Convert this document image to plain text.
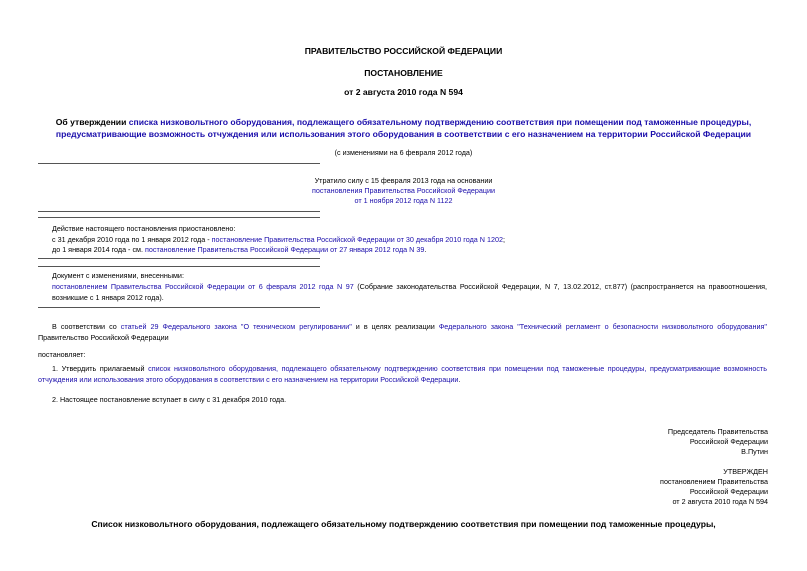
ПРАВИТЕЛЬСТВО РОССИЙСКОЙ ФЕДЕРАЦИИ
ПОСТАНОВЛЕНИЕ
от 2 августа 2010 года N 594
Об утверждении списка низковольтного оборудования, подлежащего обязательному подтверждению соответствия при помещении под таможенные процедуры,
предусматривающие возможность отчуждения или использования этого оборудования в соответствии с его назначением на территории Российской Федерации
(с изменениями на 6 февраля 2012 года)
Утратило силу с 15 февраля 2013 года на основании
постановления Правительства Российской Федерации
от 1 ноября 2012 года N 1122
Действие настоящего постановления приостановлено:
с 31 декабря 2010 года по 1 января 2012 года - постановление Правительства Российской Федерации от 30 декабря 2010 года N 1202;
до 1 января 2014 года - см. постановление Правительства Российской Федерации от 27 января 2012 года N 39.
Документ с изменениями, внесенными:
постановлением Правительства Российской Федерации от 6 февраля 2012 года N 97 (Собрание законодательства Российской Федерации, N 7, 13.02.2012, ст.877) (распространяется на правоотношения, возникшие с 1 января 2012 года).
В соответствии со статьей 29 Федерального закона "О техническом регулировании" и в целях реализации Федерального закона "Технический регламент о безопасности низковольтного оборудования" Правительство Российской Федерации
постановляет:
1. Утвердить прилагаемый список низковольтного оборудования, подлежащего обязательному подтверждению соответствия при помещении под таможенные процедуры, предусматривающие возможность отчуждения или использования этого оборудования в соответствии с его назначением на территории Российской Федерации.
2. Настоящее постановление вступает в силу с 31 декабря 2010 года.
Председатель Правительства
Российской Федерации
В.Путин
УТВЕРЖДЕН
постановлением Правительства
Российской Федерации
от 2 августа 2010 года N 594
Список низковольтного оборудования, подлежащего обязательному подтверждению соответствия при помещении под таможенные процедуры,
